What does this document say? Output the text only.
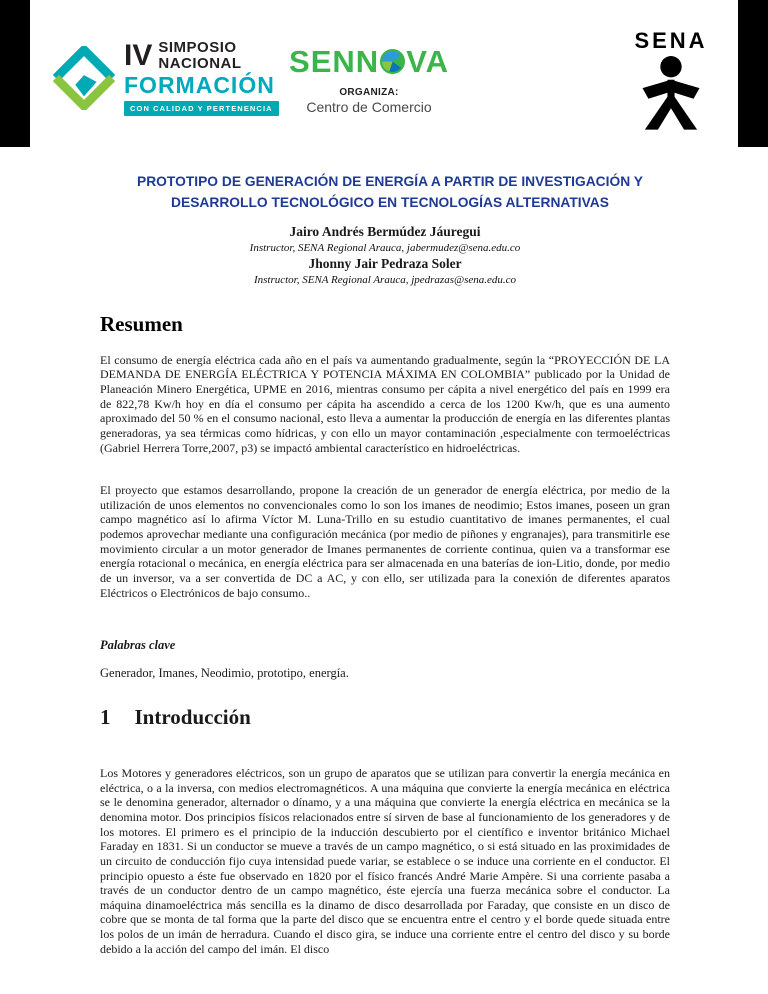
IV SIMPOSIO
NACIONAL
FORMACIÓN
CON CALIDAD Y PERTENENCIA
SENN VA
ORGANIZA:
Centro de Comercio
SENA
PROTOTIPO DE GENERACIÓN DE ENERGÍA A PARTIR DE INVESTIGACIÓN Y DESARROLLO TECNOLÓGICO EN TECNOLOGÍAS ALTERNATIVAS
Jairo Andrés Bermúdez Jáuregui
Instructor, SENA Regional Arauca, jabermudez@sena.edu.co
Jhonny Jair Pedraza Soler
Instructor, SENA Regional Arauca, jpedrazas@sena.edu.co
Resumen

El consumo de energía eléctrica cada año en el país va aumentando gradualmente, según la “PROYECCIÓN DE LA DEMANDA DE ENERGÍA ELÉCTRICA Y POTENCIA MÁXIMA EN COLOMBIA” publicado por la Unidad de Planeación Minero Energética, UPME en 2016, mientras consumo per cápita a nivel energético del país en 1999 era de 822,78 Kw/h hoy en día el consumo per cápita ha ascendido a cerca de los 1200 Kw/h, que es una aumento aproximado del 50 % en el consumo nacional, esto lleva a aumentar la producción de energía en las diferentes plantas generadoras, ya sea térmicas como hídricas, y con ello un mayor contaminación ,especialmente con termoeléctricas (Gabriel Herrera Torre,2007, p3) se impactó ambiental característico en hidroeléctricas.

El proyecto que estamos desarrollando, propone la creación de un generador de energía eléctrica, por medio de la utilización de unos elementos no convencionales como lo son los imanes de neodimio; Estos imanes, poseen un gran campo magnético así lo afirma Víctor M. Luna-Trillo en su estudio cuantitativo de imanes permanentes, el cual podemos aprovechar mediante una configuración mecánica (por medio de piñones y engranajes), para transmitirle ese movimiento circular a un motor generador de Imanes permanentes de corriente continua, quien va a transformar ese energía rotacional o mecánica, en energía eléctrica para ser almacenada en una baterías de ion-Litio, donde, por medio de un inversor, va a ser convertida de DC a AC, y con ello, ser utilizada para la conexión de diferentes aparatos Eléctricos o Electrónicos de bajo consumo..

Palabras clave

Generador, Imanes, Neodimio, prototipo, energía.

1 Introducción

Los Motores y generadores eléctricos, son un grupo de aparatos que se utilizan para convertir la energía mecánica en eléctrica, o a la inversa, con medios electromagnéticos. A una máquina que convierte la energía mecánica en eléctrica se le denomina generador, alternador o dínamo, y a una máquina que convierte la energía eléctrica en mecánica se la denomina motor. Dos principios físicos relacionados entre sí sirven de base al funcionamiento de los generadores y de los motores. El primero es el principio de la inducción descubierto por el científico e inventor británico Michael Faraday en 1831. Si un conductor se mueve a través de un campo magnético, o si está situado en las proximidades de un circuito de conducción fijo cuya intensidad puede variar, se establece o se induce una corriente en el conductor. El principio opuesto a éste fue observado en 1820 por el físico francés André Marie Ampère. Si una corriente pasaba a través de un conductor dentro de un campo magnético, éste ejercía una fuerza mecánica sobre el conductor. La máquina dinamoeléctrica más sencilla es la dinamo de disco desarrollada por Faraday, que consiste en un disco de cobre que se monta de tal forma que la parte del disco que se encuentra entre el centro y el borde quede situada entre los polos de un imán de herradura. Cuando el disco gira, se induce una corriente entre el centro del disco y su borde debido a la acción del campo del imán. El disco
